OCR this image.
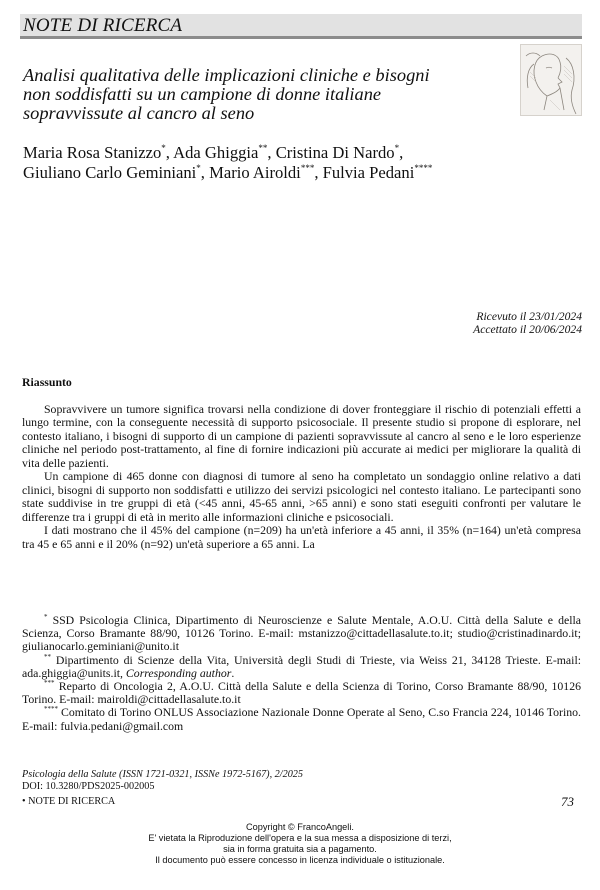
NOTE DI RICERCA
Analisi qualitativa delle implicazioni cliniche e bisogni
non soddisfatti su un campione di donne italiane
sopravvissute al cancro al seno
Maria Rosa Stanizzo*, Ada Ghiggia**, Cristina Di Nardo*,
Giuliano Carlo Geminiani*, Mario Airoldi***, Fulvia Pedani****
Ricevuto il 23/01/2024
Accettato il 20/06/2024
Riassunto

Sopravvivere un tumore significa trovarsi nella condizione di dover fronteggiare il rischio di potenziali effetti a lungo termine, con la conseguente necessità di supporto psicosociale. Il presente studio si propone di esplorare, nel contesto italiano, i bisogni di supporto di un campione di pazienti sopravvissute al cancro al seno e le loro esperienze cliniche nel periodo post-trattamento, al fine di fornire indicazioni più accurate ai medici per migliorare la qualità di vita delle pazienti.

Un campione di 465 donne con diagnosi di tumore al seno ha completato un sondaggio online relativo a dati clinici, bisogni di supporto non soddisfatti e utilizzo dei servizi psicologici nel contesto italiano. Le partecipanti sono state suddivise in tre gruppi di età (<45 anni, 45-65 anni, >65 anni) e sono stati eseguiti confronti per valutare le differenze tra i gruppi di età in merito alle informazioni cliniche e psicosociali.

I dati mostrano che il 45% del campione (n=209) ha un'età inferiore a 45 anni, il 35% (n=164) un'età compresa tra 45 e 65 anni e il 20% (n=92) un'età superiore a 65 anni. La

* SSD Psicologia Clinica, Dipartimento di Neuroscienze e Salute Mentale, A.O.U. Città della Salute e della Scienza, Corso Bramante 88/90, 10126 Torino. E-mail: mstanizzo@cittadellasalute.to.it; studio@cristinadinardo.it; giulianocarlo.geminiani@unito.it

** Dipartimento di Scienze della Vita, Università degli Studi di Trieste, via Weiss 21, 34128 Trieste. E-mail: ada.ghiggia@units.it, Corresponding author.

*** Reparto di Oncologia 2, A.O.U. Città della Salute e della Scienza di Torino, Corso Bramante 88/90, 10126 Torino. E-mail: mairoldi@cittadellasalute.to.it

**** Comitato di Torino ONLUS Associazione Nazionale Donne Operate al Seno, C.so Francia 224, 10146 Torino. E-mail: fulvia.pedani@gmail.com

Psicologia della Salute (ISSN 1721-0321, ISSNe 1972-5167), 2/2025
DOI: 10.3280/PDS2025-002005
• NOTE DI RICERCA	73
Copyright © FrancoAngeli.
E' vietata la Riproduzione dell'opera e la sua messa a disposizione di terzi,
sia in forma gratuita sia a pagamento.
Il documento può essere concesso in licenza individuale o istituzionale.
